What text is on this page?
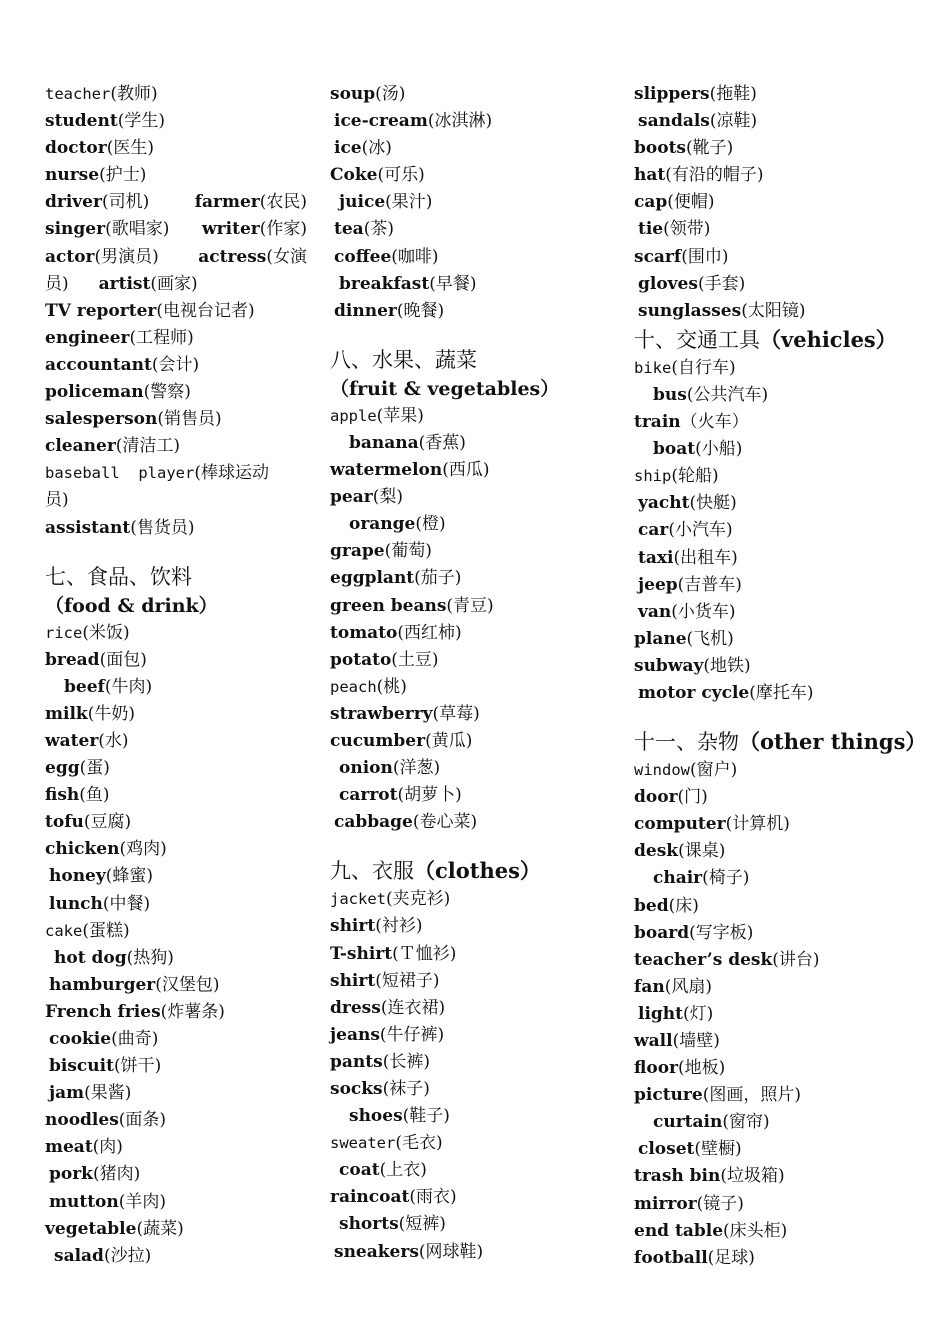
teacher(教师)
student(学生)
doctor(医生)
nurse(护士)
driver(司机)	farmer(农民)
singer(歌唱家) writer(作家)
actor(男演员) actress(女演
员) artist(画家)
TV reporter(电视台记者)
engineer(工程师)
accountant(会计)
policeman(警察)
salesperson(销售员)
cleaner(清洁工)
baseball  player(棒球运动
员)
assistant(售货员)
七、食品、饮料
（food & drink）
rice(米饭)
bread(面包)
beef(牛肉)
milk(牛奶)
water(水)
egg(蛋)
fish(鱼)
tofu(豆腐)
chicken(鸡肉)
honey(蜂蜜)
lunch(中餐)
cake(蛋糕)
hot dog(热狗)
hamburger(汉堡包)
French fries(炸薯条)
cookie(曲奇)
biscuit(饼干)
jam(果酱)
noodles(面条)
meat(肉)
pork(猪肉)
mutton(羊肉)
vegetable(蔬菜)
salad(沙拉)
soup(汤)
ice-cream(冰淇淋)
ice(冰)
Coke(可乐)
juice(果汁)
tea(茶)
coffee(咖啡)
breakfast(早餐)
dinner(晚餐)
八、水果、蔬菜
（fruit & vegetables）
apple(苹果)
banana(香蕉)
watermelon(西瓜)
pear(梨)
orange(橙)
grape(葡萄)
eggplant(茄子)
green beans(青豆)
tomato(西红柿)
potato(土豆)
peach(桃)
strawberry(草莓)
cucumber(黄瓜)
onion(洋葱)
carrot(胡萝卜)
cabbage(卷心菜)
九、衣服（clothes）
jacket(夹克衫)
shirt(衬衫)
T-shirt(Ｔ恤衫)
shirt(短裙子)
dress(连衣裙)
jeans(牛仔裤)
pants(长裤)
socks(袜子)
shoes(鞋子)
sweater(毛衣)
coat(上衣)
raincoat(雨衣)
shorts(短裤)
sneakers(网球鞋)
slippers(拖鞋)
sandals(凉鞋)
boots(靴子)
hat(有沿的帽子)
cap(便帽)
tie(领带)
scarf(围巾)
gloves(手套)
sunglasses(太阳镜)
十、交通工具（vehicles）
bike(自行车)
bus(公共汽车)
train（火车）
boat(小船)
ship(轮船)
yacht(快艇)
car(小汽车)
taxi(出租车)
jeep(吉普车)
van(小货车)
plane(飞机)
subway(地铁)
motor cycle(摩托车)
十一、杂物（other things）
window(窗户)
door(门)
computer(计算机)
desk(课桌)
chair(椅子)
bed(床)
board(写字板)
teacher’s desk(讲台)
fan(风扇)
light(灯)
wall(墙壁)
floor(地板)
picture(图画，照片)
curtain(窗帘)
closet(壁橱)
trash bin(垃圾箱)
mirror(镜子)
end table(床头柜)
football(足球)
